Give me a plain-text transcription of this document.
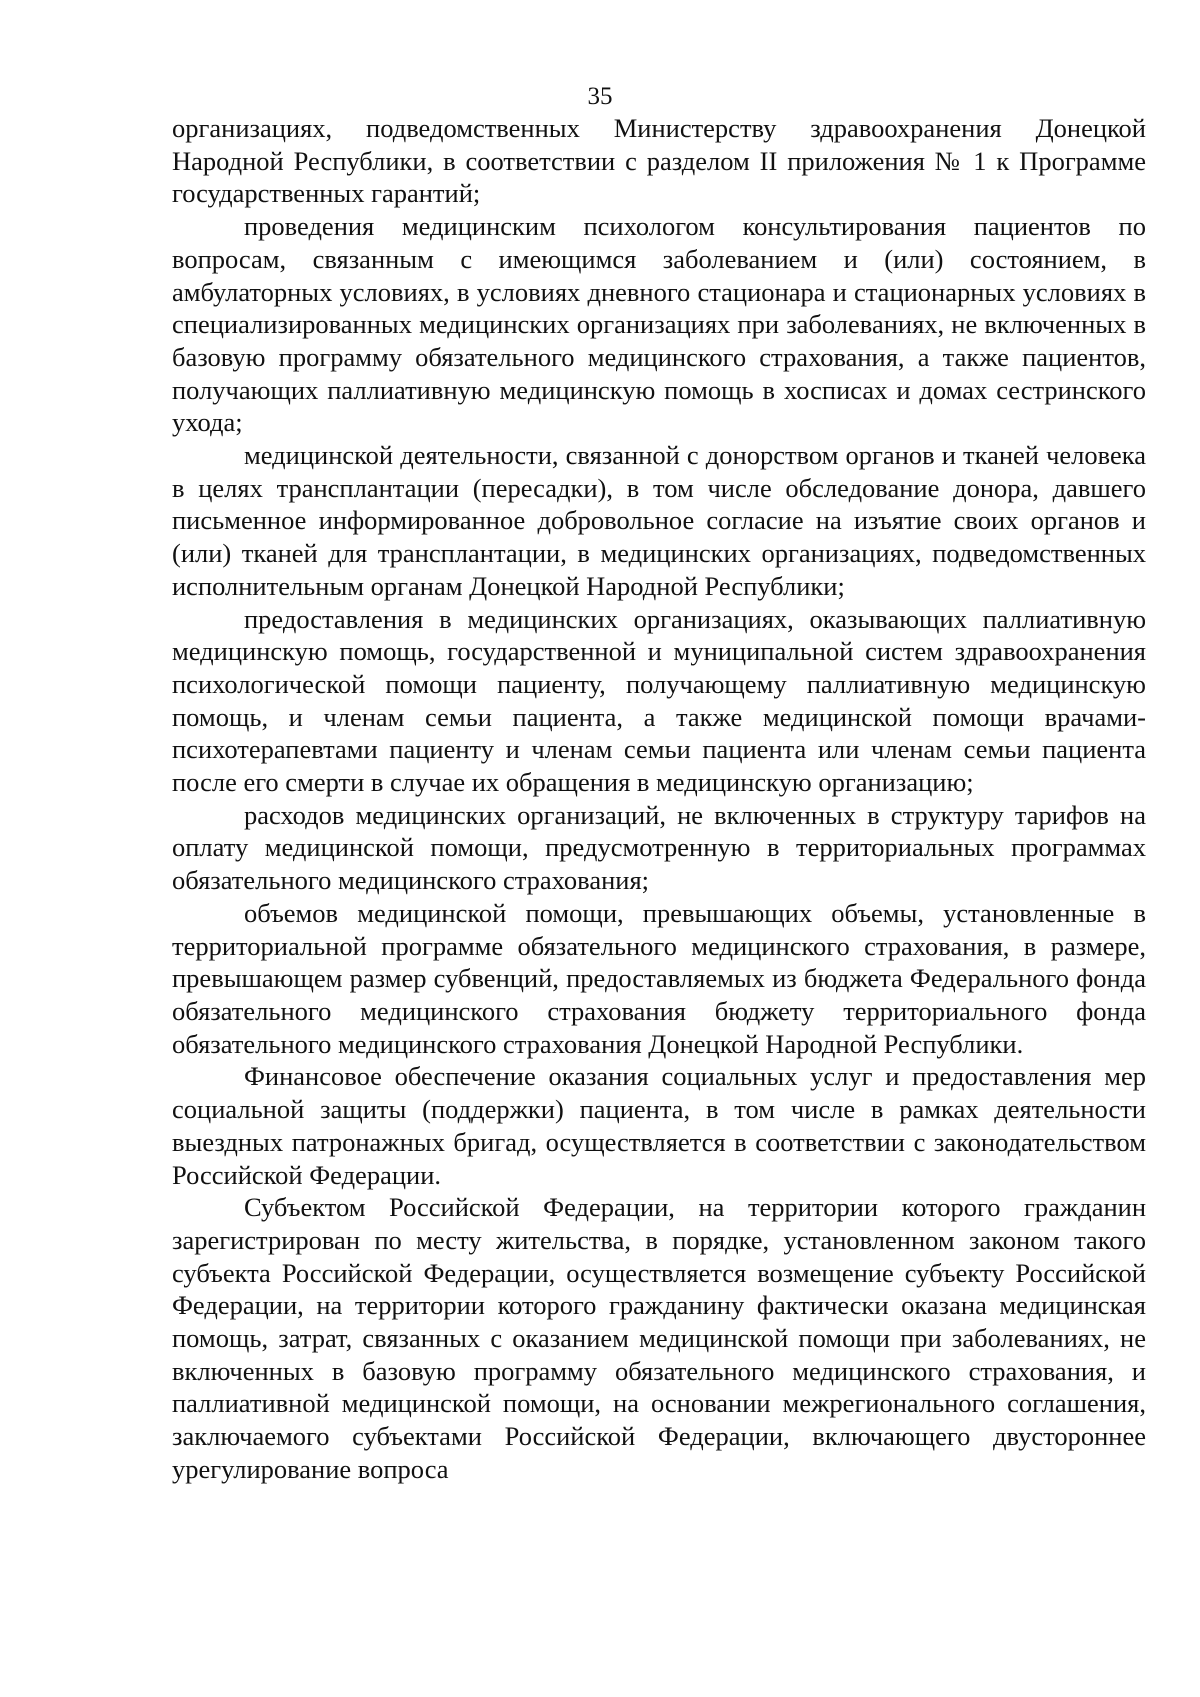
35

организациях, подведомственных Министерству здравоохранения Донецкой Народной Республики, в соответствии с разделом II приложения № 1 к Программе государственных гарантий;

проведения медицинским психологом консультирования пациентов по вопросам, связанным с имеющимся заболеванием и (или) состоянием, в амбулаторных условиях, в условиях дневного стационара и стационарных условиях в специализированных медицинских организациях при заболеваниях, не включенных в базовую программу обязательного медицинского страхования, а также пациентов, получающих паллиативную медицинскую помощь в хосписах и домах сестринского ухода;

медицинской деятельности, связанной с донорством органов и тканей человека в целях трансплантации (пересадки), в том числе обследование донора, давшего письменное информированное добровольное согласие на изъятие своих органов и (или) тканей для трансплантации, в медицинских организациях, подведомственных исполнительным органам Донецкой Народной Республики;

предоставления в медицинских организациях, оказывающих паллиативную медицинскую помощь, государственной и муниципальной систем здравоохранения психологической помощи пациенту, получающему паллиативную медицинскую помощь, и членам семьи пациента, а также медицинской помощи врачами-психотерапевтами пациенту и членам семьи пациента или членам семьи пациента после его смерти в случае их обращения в медицинскую организацию;

расходов медицинских организаций, не включенных в структуру тарифов на оплату медицинской помощи, предусмотренную в территориальных программах обязательного медицинского страхования;

объемов медицинской помощи, превышающих объемы, установленные в территориальной программе обязательного медицинского страхования, в размере, превышающем размер субвенций, предоставляемых из бюджета Федерального фонда обязательного медицинского страхования бюджету территориального фонда обязательного медицинского страхования Донецкой Народной Республики.

Финансовое обеспечение оказания социальных услуг и предоставления мер социальной защиты (поддержки) пациента, в том числе в рамках деятельности выездных патронажных бригад, осуществляется в соответствии с законодательством Российской Федерации.

Субъектом Российской Федерации, на территории которого гражданин зарегистрирован по месту жительства, в порядке, установленном законом такого субъекта Российской Федерации, осуществляется возмещение субъекту Российской Федерации, на территории которого гражданину фактически оказана медицинская помощь, затрат, связанных с оказанием медицинской помощи при заболеваниях, не включенных в базовую программу обязательного медицинского страхования, и паллиативной медицинской помощи, на основании межрегионального соглашения, заключаемого субъектами Российской Федерации, включающего двустороннее урегулирование вопроса
